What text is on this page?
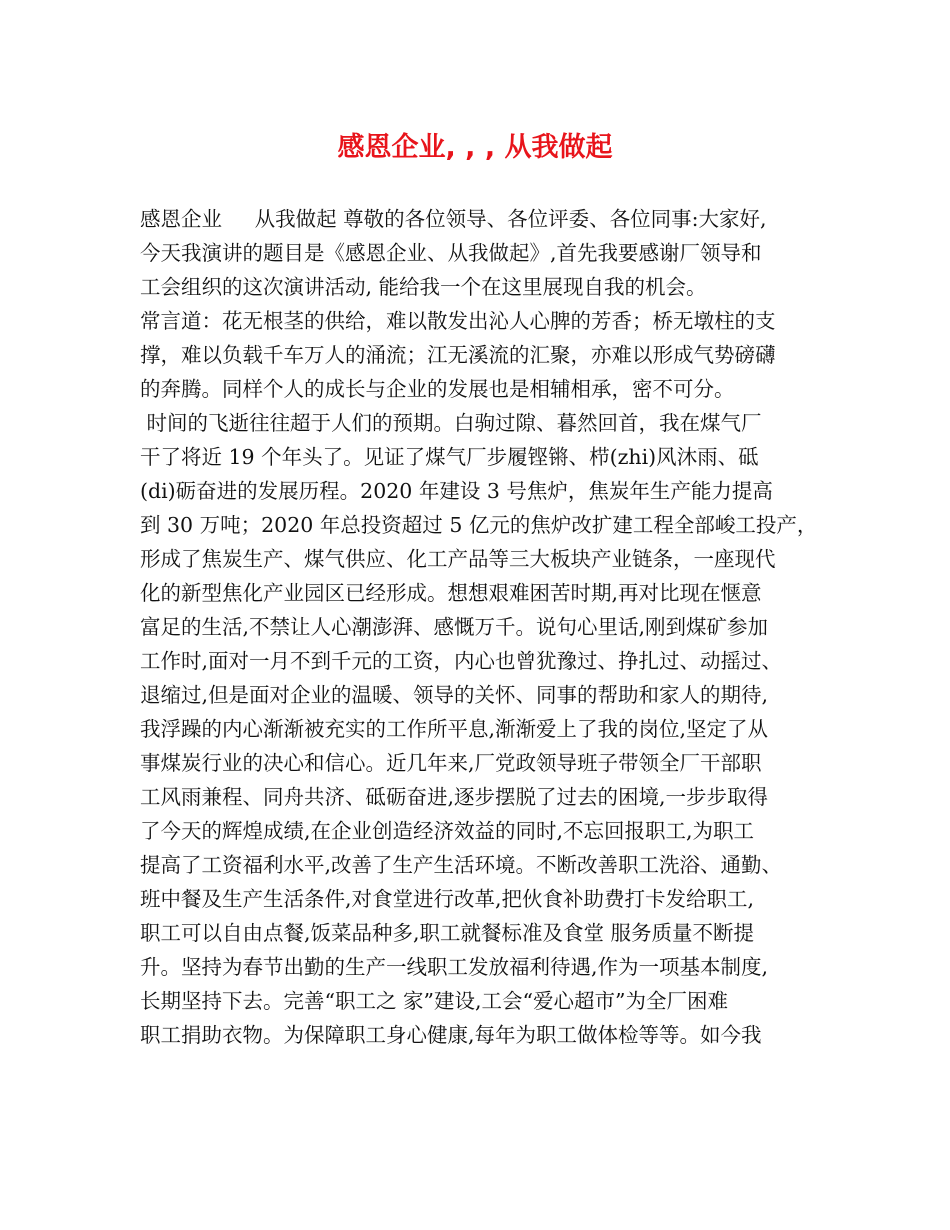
感恩企业, , , 从我做起
感恩企业     从我做起 尊敬的各位领导、各位评委、各位同事:大家好,
今天我演讲的题目是《感恩企业、从我做起》,首先我要感谢厂领导和
工会组织的这次演讲活动, 能给我一个在这里展现自我的机会。
常言道：花无根茎的供给，难以散发出沁人心脾的芳香；桥无墩柱的支
撑，难以负载千车万人的涌流；江无溪流的汇聚，亦难以形成气势磅礴
的奔腾。同样个人的成长与企业的发展也是相辅相承，密不可分。
时间的飞逝往往超于人们的预期。白驹过隙、暮然回首，我在煤气厂
干了将近 19 个年头了。见证了煤气厂步履铿锵、栉(zhi)风沐雨、砥
(di)砺奋进的发展历程。2020 年建设 3 号焦炉，焦炭年生产能力提高
到 30 万吨；2020 年总投资超过 5 亿元的焦炉改扩建工程全部峻工投产，
形成了焦炭生产、煤气供应、化工产品等三大板块产业链条，一座现代
化的新型焦化产业园区已经形成。想想艰难困苦时期,再对比现在惬意
富足的生活,不禁让人心潮澎湃、感慨万千。说句心里话,刚到煤矿参加
工作时,面对一月不到千元的工资，内心也曾犹豫过、挣扎过、动摇过、
退缩过,但是面对企业的温暖、领导的关怀、同事的帮助和家人的期待,
我浮躁的内心渐渐被充实的工作所平息,渐渐爱上了我的岗位,坚定了从
事煤炭行业的决心和信心。近几年来,厂党政领导班子带领全厂干部职
工风雨兼程、同舟共济、砥砺奋进,逐步摆脱了过去的困境,一步步取得
了今天的辉煌成绩,在企业创造经济效益的同时,不忘回报职工,为职工
提高了工资福利水平,改善了生产生活环境。不断改善职工洗浴、通勤、
班中餐及生产生活条件,对食堂进行改革,把伙食补助费打卡发给职工,
职工可以自由点餐,饭菜品种多,职工就餐标准及食堂 服务质量不断提
升。坚持为春节出勤的生产一线职工发放福利待遇,作为一项基本制度,
长期坚持下去。完善“职工之 家”建设,工会“爱心超市”为全厂困难
职工捐助衣物。为保障职工身心健康,每年为职工做体检等等。如今我
